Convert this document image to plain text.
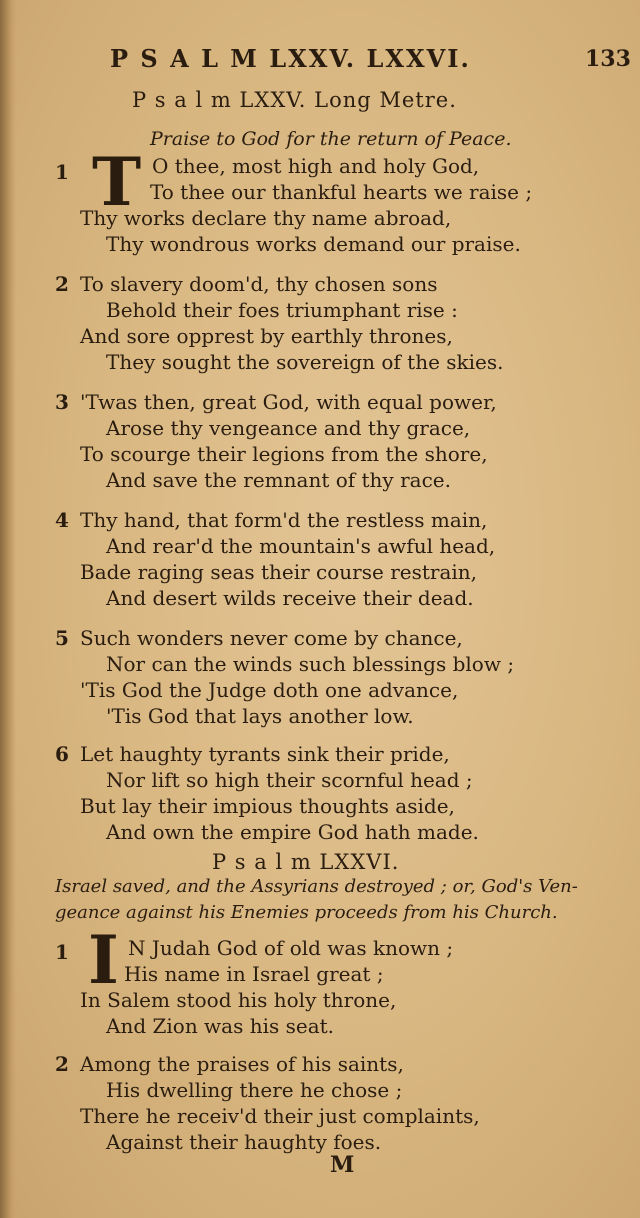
P S A L M LXXV. LXXVI.	133
P s a l m LXXV. Long Metre.
Praise to God for the return of Peace.
1 T O thee, most high and holy God,
To thee our thankful hearts we raise ;
Thy works declare thy name abroad,
Thy wondrous works demand our praise.
2 To slavery doom'd, thy chosen sons
Behold their foes triumphant rise :
And sore opprest by earthly thrones,
They sought the sovereign of the skies.
3 'Twas then, great God, with equal power,
Arose thy vengeance and thy grace,
To scourge their legions from the shore,
And save the remnant of thy race.
4 Thy hand, that form'd the restless main,
And rear'd the mountain's awful head,
Bade raging seas their course restrain,
And desert wilds receive their dead.
5 Such wonders never come by chance,
Nor can the winds such blessings blow ;
'Tis God the Judge doth one advance,
'Tis God that lays another low.
6 Let haughty tyrants sink their pride,
Nor lift so high their scornful head ;
But lay their impious thoughts aside,
And own the empire God hath made.
P s a l m LXXVI.
Israel saved, and the Assyrians destroyed ; or, God's Ven-
geance against his Enemies proceeds from his Church.
1 I N Judah God of old was known ;
His name in Israel great ;
In Salem stood his holy throne,
And Zion was his seat.
2 Among the praises of his saints,
His dwelling there he chose ;
There he receiv'd their just complaints,
Against their haughty foes.
M
